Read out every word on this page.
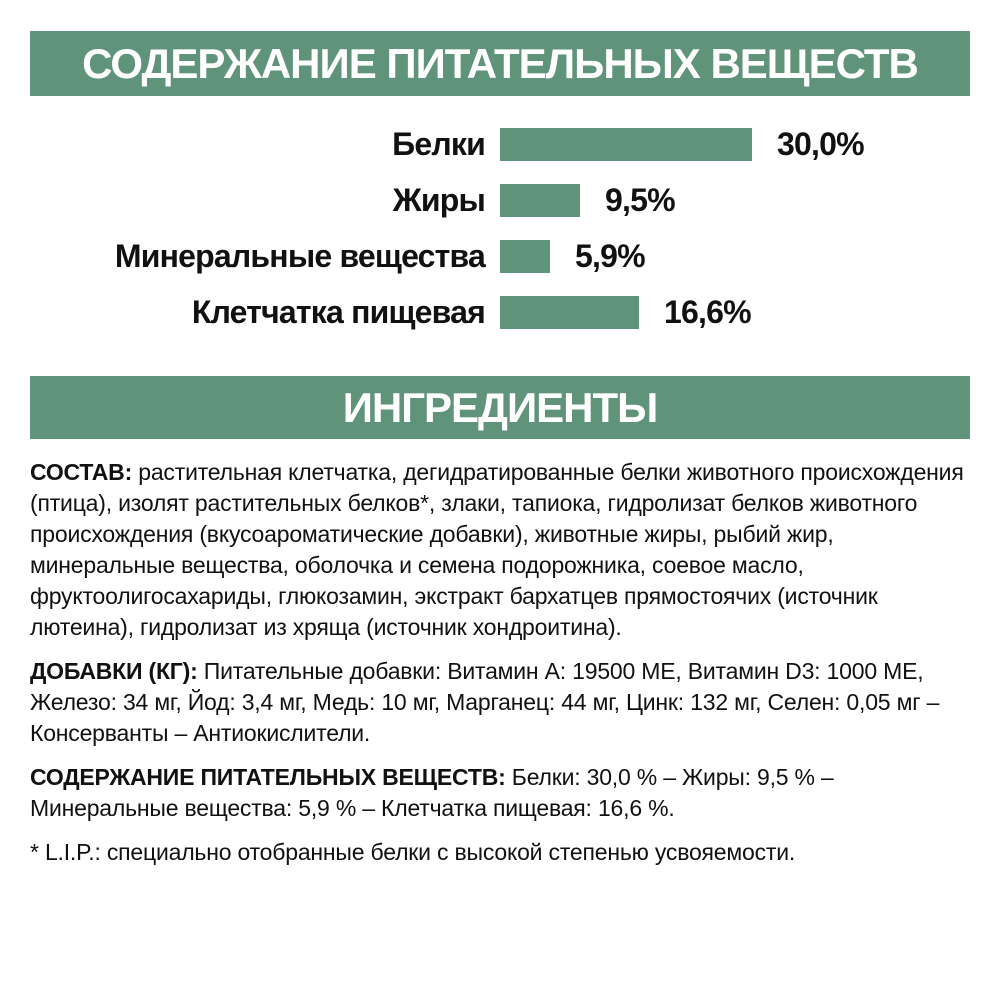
СОДЕРЖАНИЕ ПИТАТЕЛЬНЫХ ВЕЩЕСТВ
Белки	30,0%
Жиры	9,5%
Минеральные вещества	5,9%
Клетчатка пищевая	16,6%
ИНГРЕДИЕНТЫ

СОСТАВ: растительная клетчатка, дегидратированные белки животного происхождения (птица), изолят растительных белков*, злаки, тапиока, гидролизат белков животного происхождения (вкусоароматические добавки), животные жиры, рыбий жир, минеральные вещества, оболочка и семена подорожника, соевое масло, фруктоолигосахариды, глюкозамин, экстракт бархатцев прямостоячих (источник лютеина), гидролизат из хряща (источник хондроитина).

ДОБАВКИ (КГ): Питательные добавки: Витамин A: 19500 МЕ, Витамин D3: 1000 МЕ, Железо: 34 мг, Йод: 3,4 мг, Медь: 10 мг, Марганец: 44 мг, Цинк: 132 мг, Селен: 0,05 мг – Консерванты – Антиокислители.

СОДЕРЖАНИЕ ПИТАТЕЛЬНЫХ ВЕЩЕСТВ: Белки: 30,0 % – Жиры: 9,5 % – Минеральные вещества: 5,9 % – Клетчатка пищевая: 16,6 %.

* L.I.P.: специально отобранные белки с высокой степенью усвояемости.
